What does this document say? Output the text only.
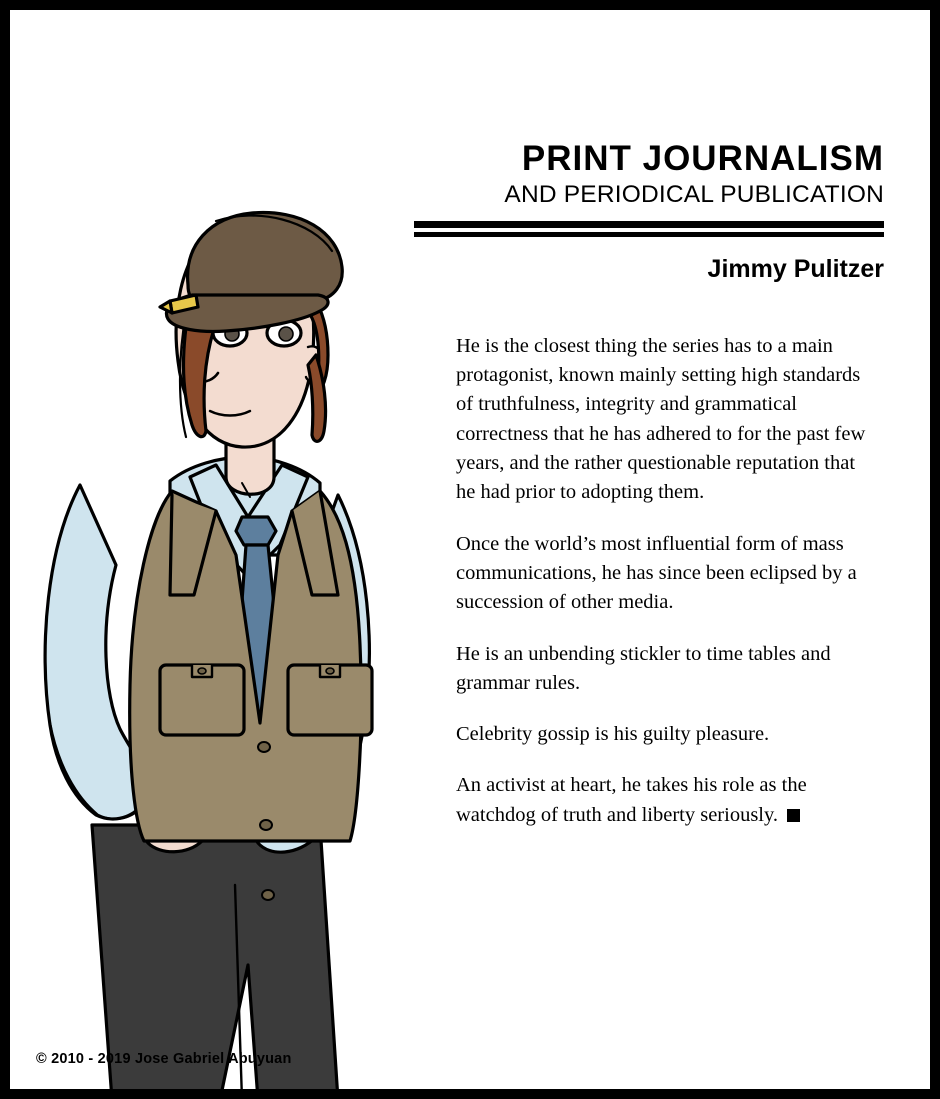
PRINT JOURNALISM
AND PERIODICAL PUBLICATION
Jimmy Pulitzer

He is the closest thing the series has to a main protagonist, known mainly setting high standards of truthfulness, integrity and grammatical correctness that he has adhered to for the past few years, and the rather questionable reputation that he had prior to adopting them.

Once the world’s most influential form of mass communications, he has since been eclipsed by a succession of other media.

He is an unbending stickler to time tables and grammar rules.

Celebrity gossip is his guilty pleasure.

An activist at heart, he takes his role as the watchdog of truth and liberty seriously.

© 2010 - 2019 Jose Gabriel Abuyuan
